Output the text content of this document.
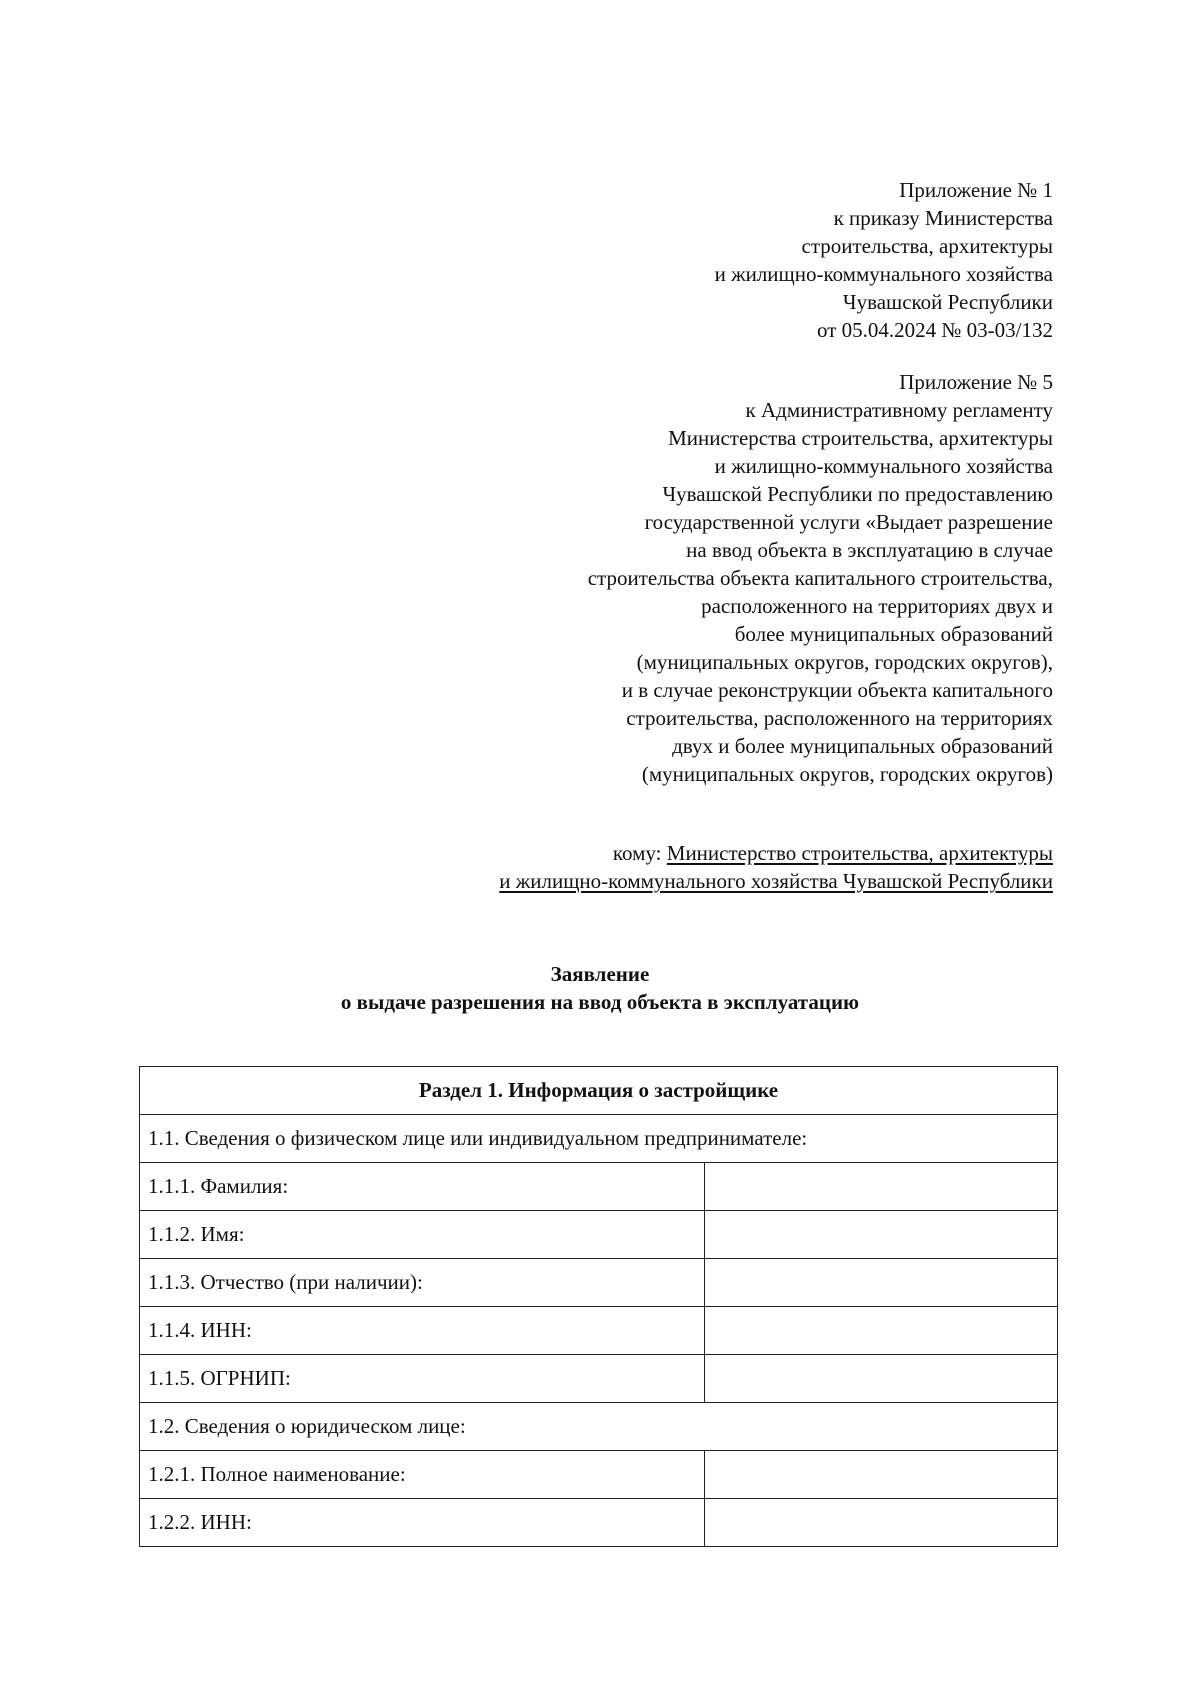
Приложение № 1
к приказу Министерства
строительства, архитектуры
и жилищно-коммунального хозяйства
Чувашской Республики
от 05.04.2024 № 03-03/132
Приложение № 5
к Административному регламенту
Министерства строительства, архитектуры
и жилищно-коммунального хозяйства
Чувашской Республики по предоставлению
государственной услуги «Выдает разрешение
на ввод объекта в эксплуатацию в случае
строительства объекта капитального строительства,
расположенного на территориях двух и
более муниципальных образований
(муниципальных округов, городских округов),
и в случае реконструкции объекта капитального
строительства, расположенного на территориях
двух и более муниципальных образований
(муниципальных округов, городских округов)
кому: Министерство строительства, архитектуры
и жилищно-коммунального хозяйства Чувашской Республики
Заявление
о выдаче разрешения на ввод объекта в эксплуатацию
Раздел 1. Информация о застройщике	
1.1. Сведения о физическом лице или индивидуальном предпринимателе:	
1.1.1. Фамилия:	
1.1.2. Имя:	
1.1.3. Отчество (при наличии):	
1.1.4. ИНН:	
1.1.5. ОГРНИП:	
1.2. Сведения о юридическом лице:	
1.2.1. Полное наименование:	
1.2.2. ИНН:	
